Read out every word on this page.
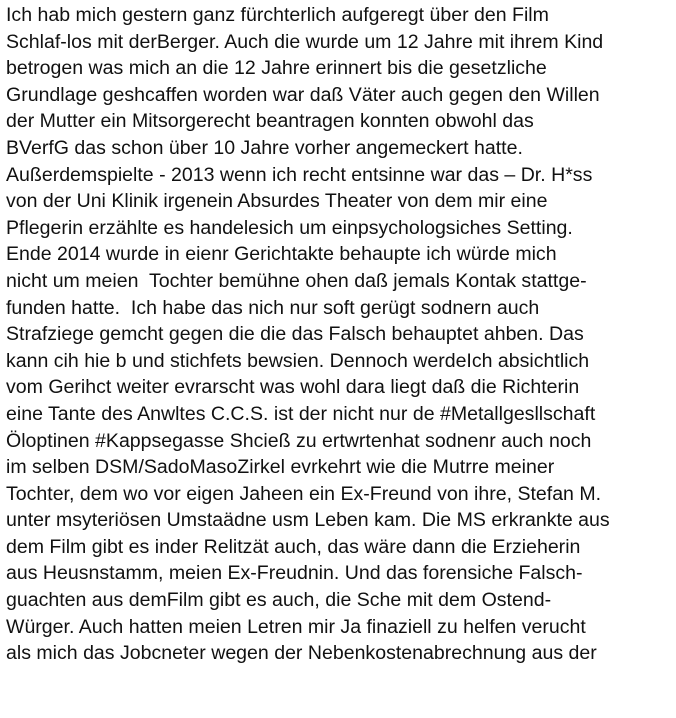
Ich hab mich gestern ganz fürchterlich aufgeregt über den Film
Schlaf-los mit derBerger. Auch die wurde um 12 Jahre mit ihrem Kind
betrogen was mich an die 12 Jahre erinnert bis die gesetzliche
Grundlage geshcaffen worden war daß Väter auch gegen den Willen
der Mutter ein Mitsorgerecht beantragen konnten obwohl das
BVerfG das schon über 10 Jahre vorher angemeckert hatte.
Außerdemspielte - 2013 wenn ich recht entsinne war das – Dr. H*ss
von der Uni Klinik irgenein Absurdes Theater von dem mir eine
Pflegerin erzählte es handelesich um einpsychologsiches Setting.
Ende 2014 wurde in eienr Gerichtakte behaupte ich würde mich
nicht um meien  Tochter bemühne ohen daß jemals Kontak stattge-
funden hatte.  Ich habe das nich nur soft gerügt sodnern auch
Strafziege gemcht gegen die die das Falsch behauptet ahben. Das
kann cih hie b und stichfets bewsien. Dennoch werdeIch absichtlich
vom Gerihct weiter evrarscht was wohl dara liegt daß die Richterin
eine Tante des Anwltes C.C.S. ist der nicht nur de #Metallgesllschaft
Öloptinen #Kappsegasse Shcieß zu ertwrtenhat sodnenr auch noch
im selben DSM/SadoMasoZirkel evrkehrt wie die Mutrre meiner
Tochter, dem wo vor eigen Jaheen ein Ex-Freund von ihre, Stefan M.
unter msyteriösen Umstaädne usm Leben kam. Die MS erkrankte aus
dem Film gibt es inder Relitzät auch, das wäre dann die Erzieherin
aus Heusnstamm, meien Ex-Freudnin. Und das forensiche Falsch-
guachten aus demFilm gibt es auch, die Sche mit dem Ostend-
Würger. Auch hatten meien Letren mir Ja finaziell zu helfen verucht
als mich das Jobcneter wegen der Nebenkostenabrechnung aus der
